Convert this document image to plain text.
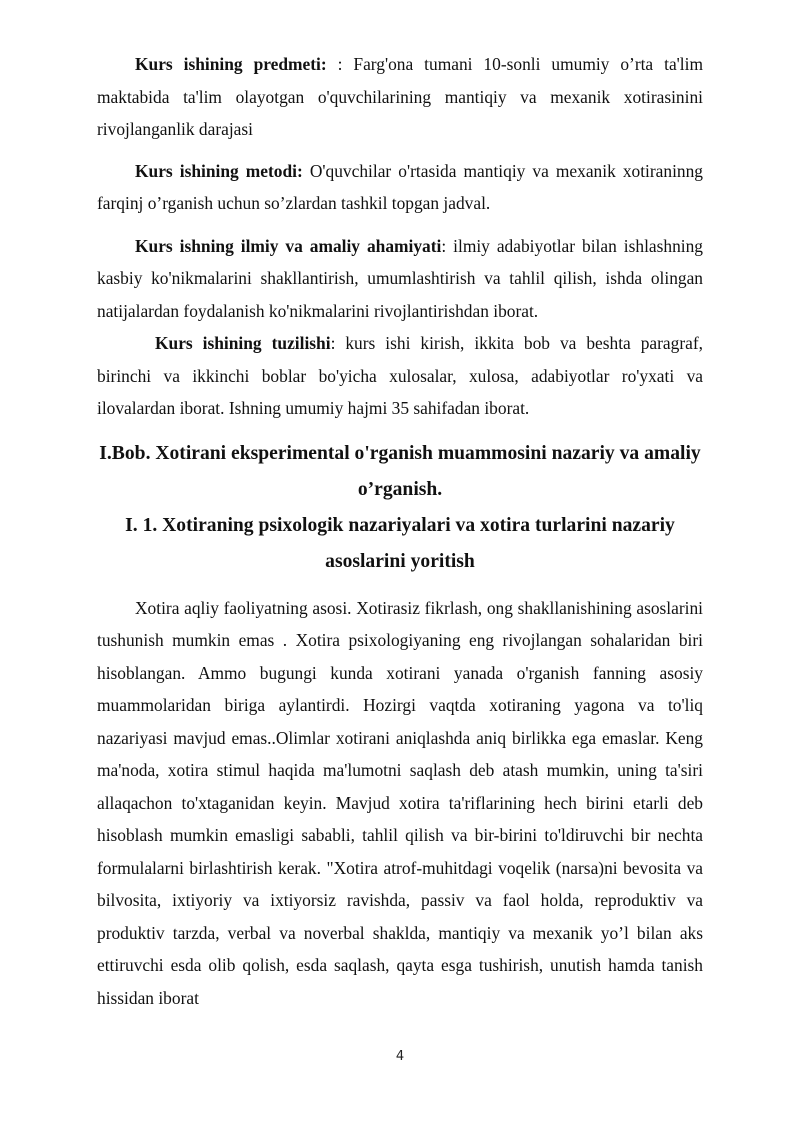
Kurs ishining predmeti: : Farg'ona tumani 10-sonli umumiy o’rta ta'lim maktabida ta'lim olayotgan o'quvchilarining mantiqiy va mexanik xotirasinini rivojlanganlik darajasi

Kurs ishining metodi: O'quvchilar o'rtasida mantiqiy va mexanik xotiraninng farqinj o’rganish uchun so’zlardan tashkil topgan jadval.

Kurs ishning ilmiy va amaliy ahamiyati: ilmiy adabiyotlar bilan ishlashning kasbiy ko'nikmalarini shakllantirish, umumlashtirish va tahlil qilish, ishda olingan natijalardan foydalanish ko'nikmalarini rivojlantirishdan iborat.

Kurs ishining tuzilishi: kurs ishi kirish, ikkita bob va beshta paragraf, birinchi va ikkinchi boblar bo'yicha xulosalar, xulosa, adabiyotlar ro'yxati va ilovalardan iborat. Ishning umumiy hajmi 35 sahifadan iborat.

I.Bob. Xotirani eksperimental o'rganish muammosini nazariy va amaliy o’rganish.
I. 1. Xotiraning psixologik nazariyalari va xotira turlarini nazariy asoslarini yoritish

Xotira aqliy faoliyatning asosi. Xotirasiz fikrlash, ong shakllanishining asoslarini tushunish mumkin emas . Xotira psixologiyaning eng rivojlangan sohalaridan biri hisoblangan. Ammo bugungi kunda xotirani yanada o'rganish fanning asosiy muammolaridan biriga aylantirdi. Hozirgi vaqtda xotiraning yagona va to'liq nazariyasi mavjud emas..Olimlar xotirani aniqlashda aniq birlikka ega emaslar. Keng ma'noda, xotira stimul haqida ma'lumotni saqlash deb atash mumkin, uning ta'siri allaqachon to'xtaganidan keyin. Mavjud xotira ta'riflarining hech birini etarli deb hisoblash mumkin emasligi sababli, tahlil qilish va bir-birini to'ldiruvchi bir nechta formulalarni birlashtirish kerak. "Xotira atrof-muhitdagi voqelik (narsa)ni bevosita va bilvosita, ixtiyoriy va ixtiyorsiz ravishda, passiv va faol holda, reproduktiv va produktiv tarzda, verbal va noverbal shaklda, mantiqiy va mexanik yo’l bilan aks ettiruvchi esda olib qolish, esda saqlash, qayta esga tushirish, unutish hamda tanish hissidan iborat

4
